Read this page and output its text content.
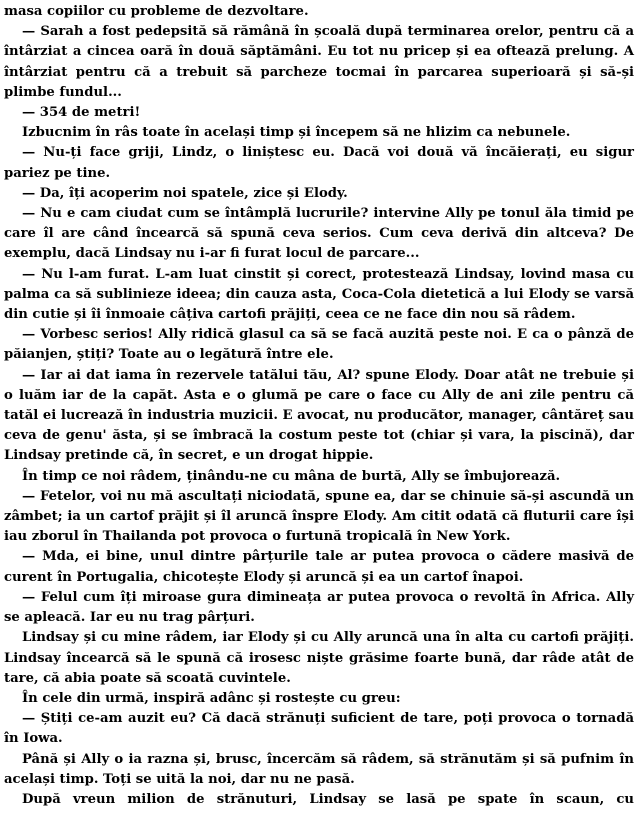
masa copiilor cu probleme de dezvoltare.

— Sarah a fost pedepsită să rămână în școală după terminarea orelor, pentru că a întârziat a cincea oară în două săptămâni. Eu tot nu pricep și ea oftează prelung. A întârziat pentru că a trebuit să parcheze tocmai în parcarea superioară și să-și plimbe fundul...

— 354 de metri!

Izbucnim în râs toate în același timp și începem să ne hlizim ca nebunele.

— Nu-ți face griji, Lindz, o liniștesc eu. Dacă voi două vă încăierați, eu sigur pariez pe tine.

— Da, îți acoperim noi spatele, zice și Elody.

— Nu e cam ciudat cum se întâmplă lucrurile? intervine Ally pe tonul ăla timid pe care îl are când încearcă să spună ceva serios. Cum ceva derivă din altceva? De exemplu, dacă Lindsay nu i-ar fi furat locul de parcare...

— Nu l-am furat. L-am luat cinstit și corect, protestează Lindsay, lovind masa cu palma ca să sublinieze ideea; din cauza asta, Coca-Cola dietetică a lui Elody se varsă din cutie și îi înmoaie câțiva cartofi prăjiți, ceea ce ne face din nou să râdem.

— Vorbesc serios! Ally ridică glasul ca să se facă auzită peste noi. E ca o pânză de păianjen, știți? Toate au o legătură între ele.

— Iar ai dat iama în rezervele tatălui tău, Al? spune Elody. Doar atât ne trebuie și o luăm iar de la capăt. Asta e o glumă pe care o face cu Ally de ani zile pentru că tatăl ei lucrează în industria muzicii. E avocat, nu producător, manager, cântăreț sau ceva de genu' ăsta, și se îmbracă la costum peste tot (chiar și vara, la piscină), dar Lindsay pretinde că, în secret, e un drogat hippie.

În timp ce noi râdem, ținându-ne cu mâna de burtă, Ally se îmbujorează.

— Fetelor, voi nu mă ascultați niciodată, spune ea, dar se chinuie să-și ascundă un zâmbet; ia un cartof prăjit și îl aruncă înspre Elody. Am citit odată că fluturii care își iau zborul în Thailanda pot provoca o furtună tropicală în New York.

— Mda, ei bine, unul dintre pârțurile tale ar putea provoca o cădere masivă de curent în Portugalia, chicotește Elody și aruncă și ea un cartof înapoi.

— Felul cum îți miroase gura dimineața ar putea provoca o revoltă în Africa. Ally se apleacă. Iar eu nu trag pârțuri.

Lindsay și cu mine râdem, iar Elody și cu Ally aruncă una în alta cu cartofi prăjiți. Lindsay încearcă să le spună că irosesc niște grăsime foarte bună, dar râde atât de tare, că abia poate să scoată cuvintele.

În cele din urmă, inspiră adânc și rostește cu greu:

— Știți ce-am auzit eu? Că dacă strănuți suficient de tare, poți provoca o tornadă în Iowa.

Până și Ally o ia razna și, brusc, încercăm să râdem, să strănutăm și să pufnim în același timp. Toți se uită la noi, dar nu ne pasă.

După vreun milion de strănuturi, Lindsay se lasă pe spate în scaun, cu
